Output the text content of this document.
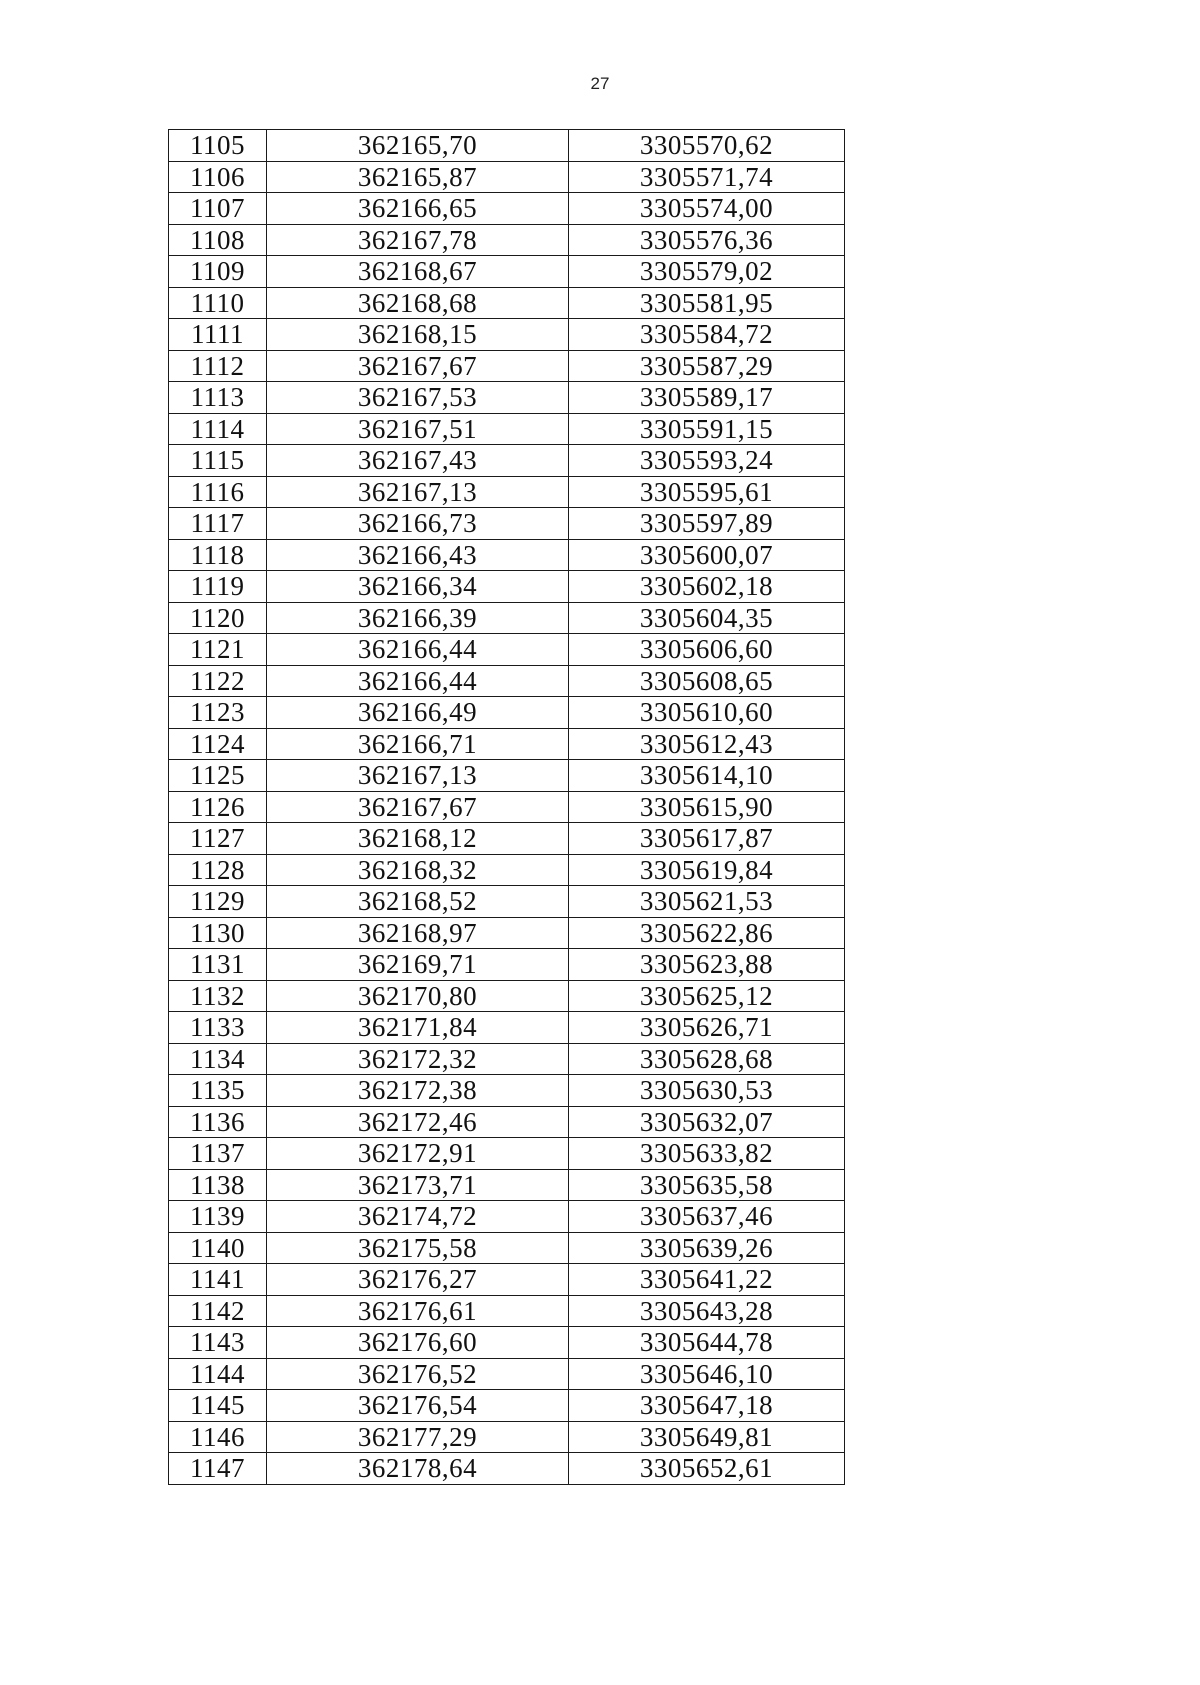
27
1105	362165,70	3305570,62
1106	362165,87	3305571,74
1107	362166,65	3305574,00
1108	362167,78	3305576,36
1109	362168,67	3305579,02
1110	362168,68	3305581,95
1111	362168,15	3305584,72
1112	362167,67	3305587,29
1113	362167,53	3305589,17
1114	362167,51	3305591,15
1115	362167,43	3305593,24
1116	362167,13	3305595,61
1117	362166,73	3305597,89
1118	362166,43	3305600,07
1119	362166,34	3305602,18
1120	362166,39	3305604,35
1121	362166,44	3305606,60
1122	362166,44	3305608,65
1123	362166,49	3305610,60
1124	362166,71	3305612,43
1125	362167,13	3305614,10
1126	362167,67	3305615,90
1127	362168,12	3305617,87
1128	362168,32	3305619,84
1129	362168,52	3305621,53
1130	362168,97	3305622,86
1131	362169,71	3305623,88
1132	362170,80	3305625,12
1133	362171,84	3305626,71
1134	362172,32	3305628,68
1135	362172,38	3305630,53
1136	362172,46	3305632,07
1137	362172,91	3305633,82
1138	362173,71	3305635,58
1139	362174,72	3305637,46
1140	362175,58	3305639,26
1141	362176,27	3305641,22
1142	362176,61	3305643,28
1143	362176,60	3305644,78
1144	362176,52	3305646,10
1145	362176,54	3305647,18
1146	362177,29	3305649,81
1147	362178,64	3305652,61
